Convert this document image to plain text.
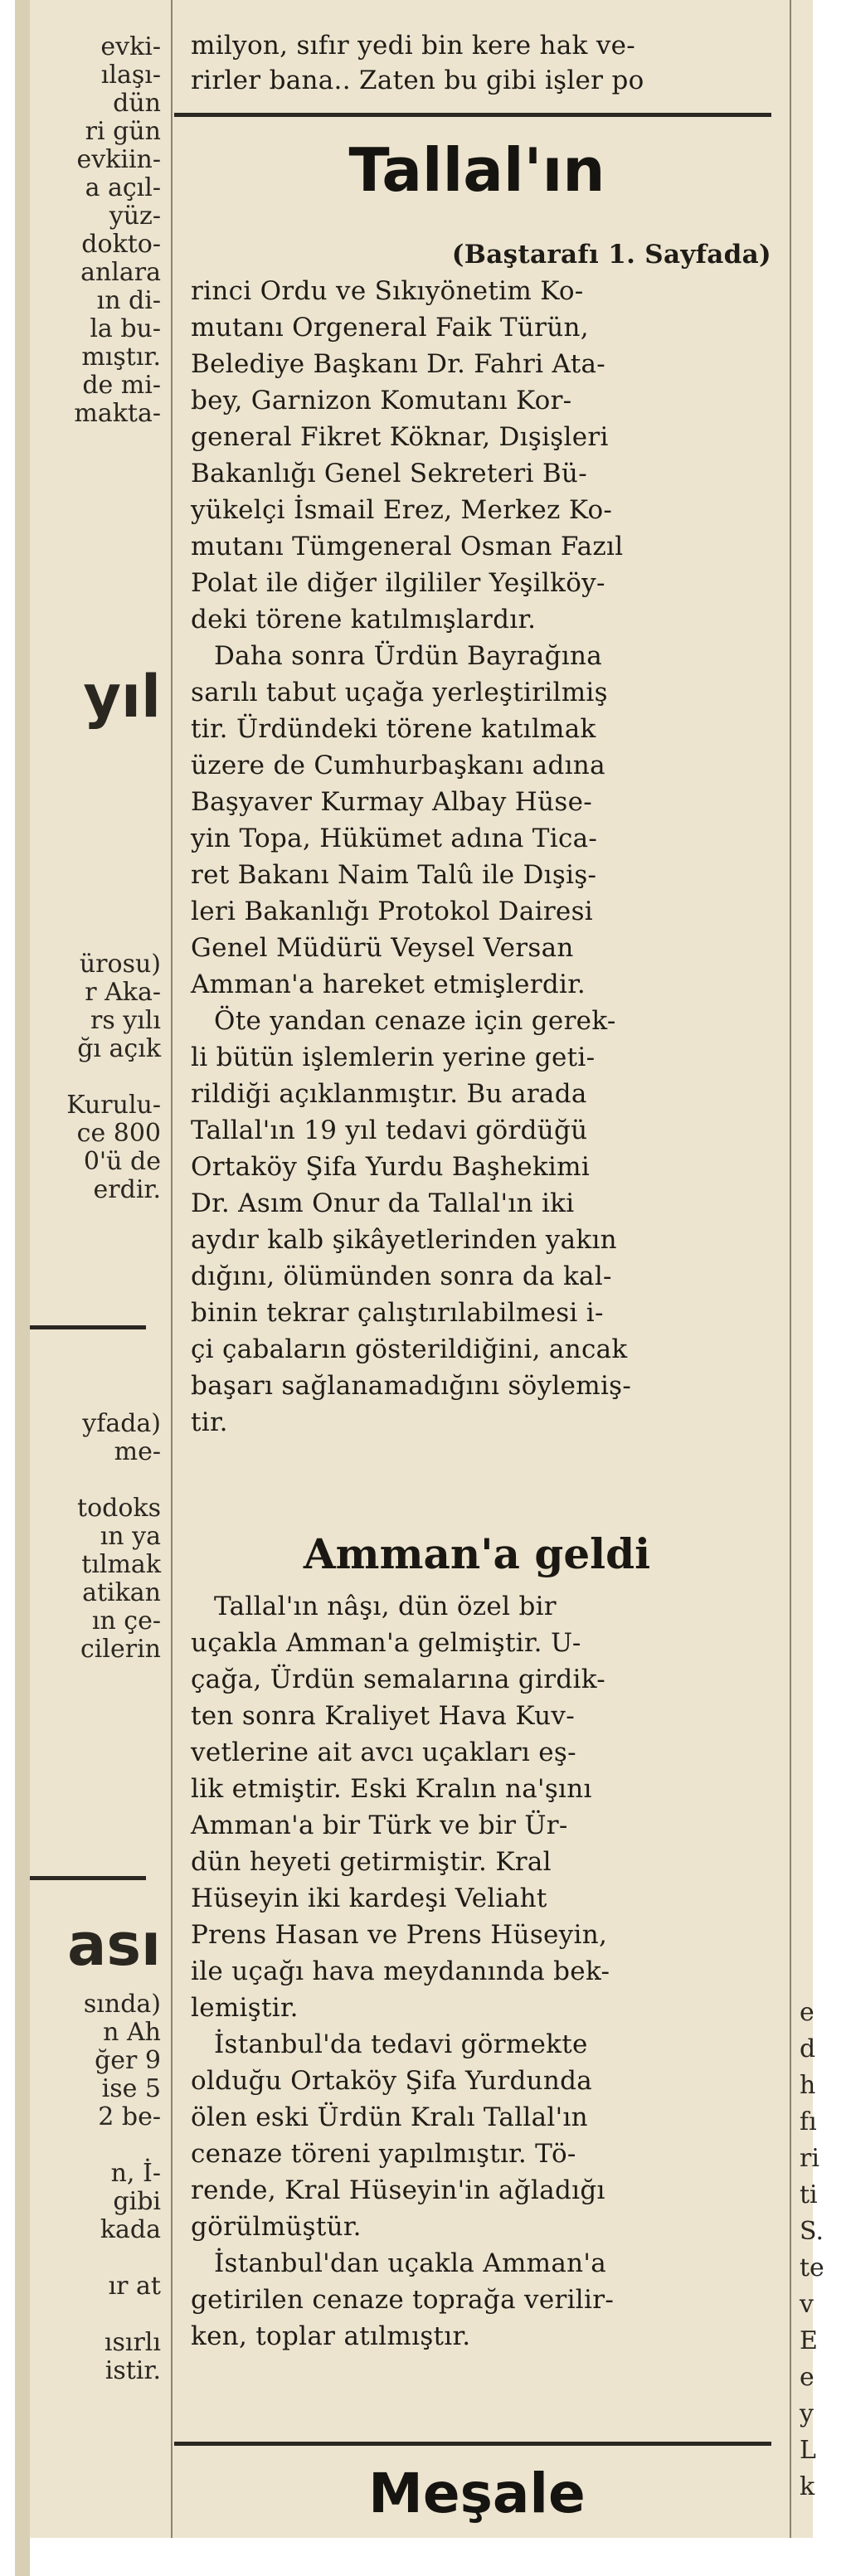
yıl
ası
evki-
ılaşı-
dün
ri gün
evkiin-
a açıl-
yüz-
dokto-
anlara
ın di-
la bu-
mıştır.
de mi-
makta-
ürosu)
r Aka-
rs yılı
ğı açık
Kurulu-
ce 800
0'ü de
erdir.
yfada)
me-
todoks
ın ya
tılmak
atikan
ın çe-
cilerin
sında)
n Ah
ğer 9
ise 5
2 be-
n, İ-
gibi
kada
ır at
ısırlı
istir.
milyon, sıfır yedi bin kere hak ve-
rirler bana.. Zaten bu gibi işler po
Tallal'ın
(Baştarafı 1. Sayfada)
Amman'a geldi
Meşale
rinci Ordu ve Sıkıyönetim Ko-
mutanı Orgeneral Faik Türün,
Belediye Başkanı Dr. Fahri Ata-
bey, Garnizon Komutanı Kor-
general Fikret Köknar, Dışişleri
Bakanlığı Genel Sekreteri Bü-
yükelçi İsmail Erez, Merkez Ko-
mutanı Tümgeneral Osman Fazıl
Polat ile diğer ilgililer Yeşilköy-
deki törene katılmışlardır.
Daha sonra Ürdün Bayrağına
sarılı tabut uçağa yerleştirilmiş
tir. Ürdündeki törene katılmak
üzere de Cumhurbaşkanı adına
Başyaver Kurmay Albay Hüse-
yin Topa, Hükümet adına Tica-
ret Bakanı Naim Talû ile Dışiş-
leri Bakanlığı Protokol Dairesi
Genel Müdürü Veysel Versan
Amman'a hareket etmişlerdir.
Öte yandan cenaze için gerek-
li bütün işlemlerin yerine geti-
rildiği açıklanmıştır. Bu arada
Tallal'ın 19 yıl tedavi gördüğü
Ortaköy Şifa Yurdu Başhekimi
Dr. Asım Onur da Tallal'ın iki
aydır kalb şikâyetlerinden yakın
dığını, ölümünden sonra da kal-
binin tekrar çalıştırılabilmesi i-
çi çabaların gösterildiğini, ancak
başarı sağlanamadığını söylemiş-
tir.
Tallal'ın nâşı, dün özel bir
uçakla Amman'a gelmiştir. U-
çağa, Ürdün semalarına girdik-
ten sonra Kraliyet Hava Kuv-
vetlerine ait avcı uçakları eş-
lik etmiştir. Eski Kralın na'şını
Amman'a bir Türk ve bir Ür-
dün heyeti getirmiştir. Kral
Hüseyin iki kardeşi Veliaht
Prens Hasan ve Prens Hüseyin,
ile uçağı hava meydanında bek-
lemiştir.
İstanbul'da tedavi görmekte
olduğu Ortaköy Şifa Yurdunda
ölen eski Ürdün Kralı Tallal'ın
cenaze töreni yapılmıştır. Tö-
rende, Kral Hüseyin'in ağladığı
görülmüştür.
İstanbul'dan uçakla Amman'a
getirilen cenaze toprağa verilir-
ken, toplar atılmıştır.
e
d
h
fı
ri
ti
S.
te
v
E
e
y
L
k
